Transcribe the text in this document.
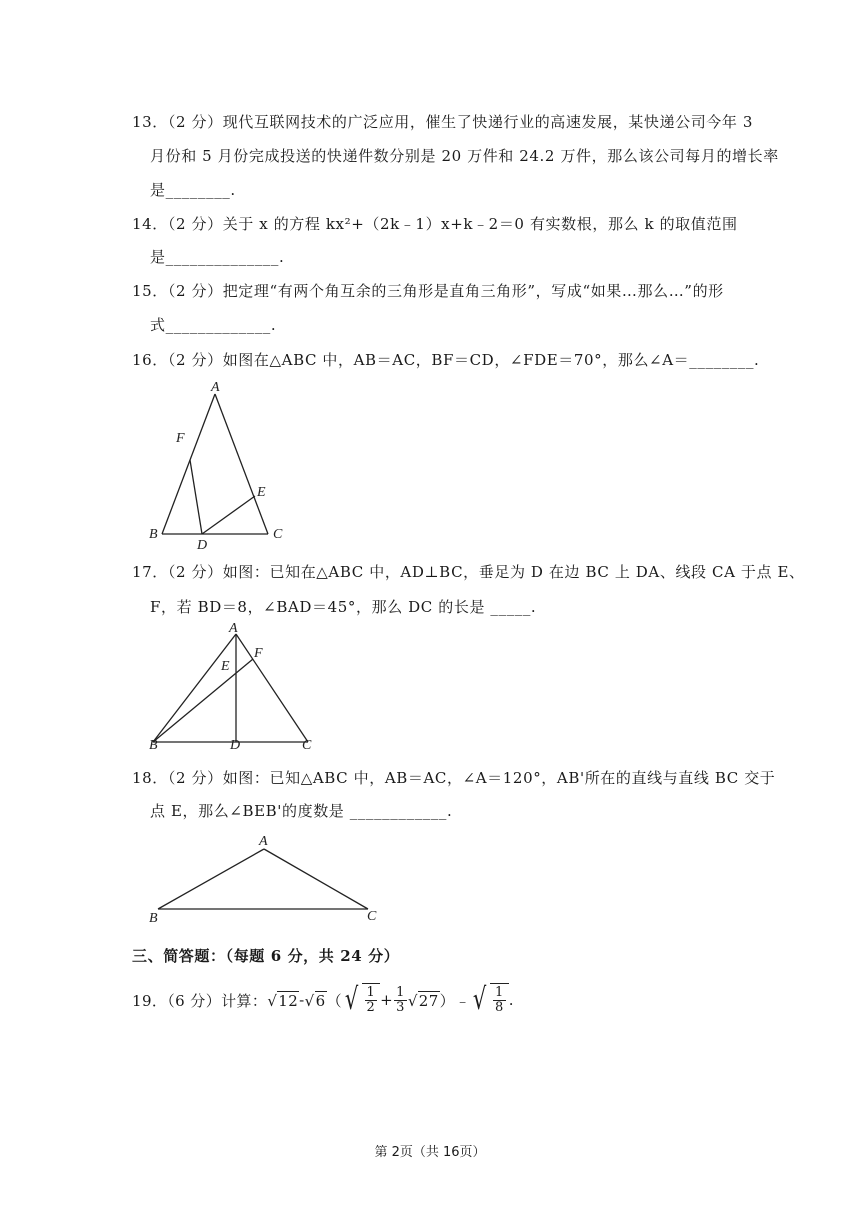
13．（2 分）现代互联网技术的广泛应用，催生了快递行业的高速发展，某快递公司今年 3
月份和 5 月份完成投送的快递件数分别是 20 万件和 24.2 万件，那么该公司每月的增长率
是________.
14．（2 分）关于 x 的方程 kx²+（2k﹣1）x+k﹣2＝0 有实数根，那么 k 的取值范围
是______________.
15．（2 分）把定理“有两个角互余的三角形是直角三角形”，写成“如果…那么…”的形
式_____________.
16．（2 分）如图在△ABC 中，AB＝AC，BF＝CD，∠FDE＝70°，那么∠A＝________.
A
B	C
D
E
F
17．（2 分）如图：已知在△ABC 中，AD⊥BC，垂足为 D 在边 BC 上 DA、线段 CA 于点 E、
F，若 BD＝8，∠BAD＝45°，那么 DC 的长是 _____.
A
B	C
D
E
F
18．（2 分）如图：已知△ABC 中，AB＝AC，∠A＝120°，AB'所在的直线与直线 BC 交于
点 E，那么∠BEB'的度数是 ____________.
A
B	C
三、简答题：（每题 6 分，共 24 分）
19．（6 分）计算： √ 12 - √ 6 （ √ $\frac{1}{2} + \frac{1}{3}$ √ 27 ） ﹣ √ $\frac{1}{8}$ .
第 2页（共 16页）
